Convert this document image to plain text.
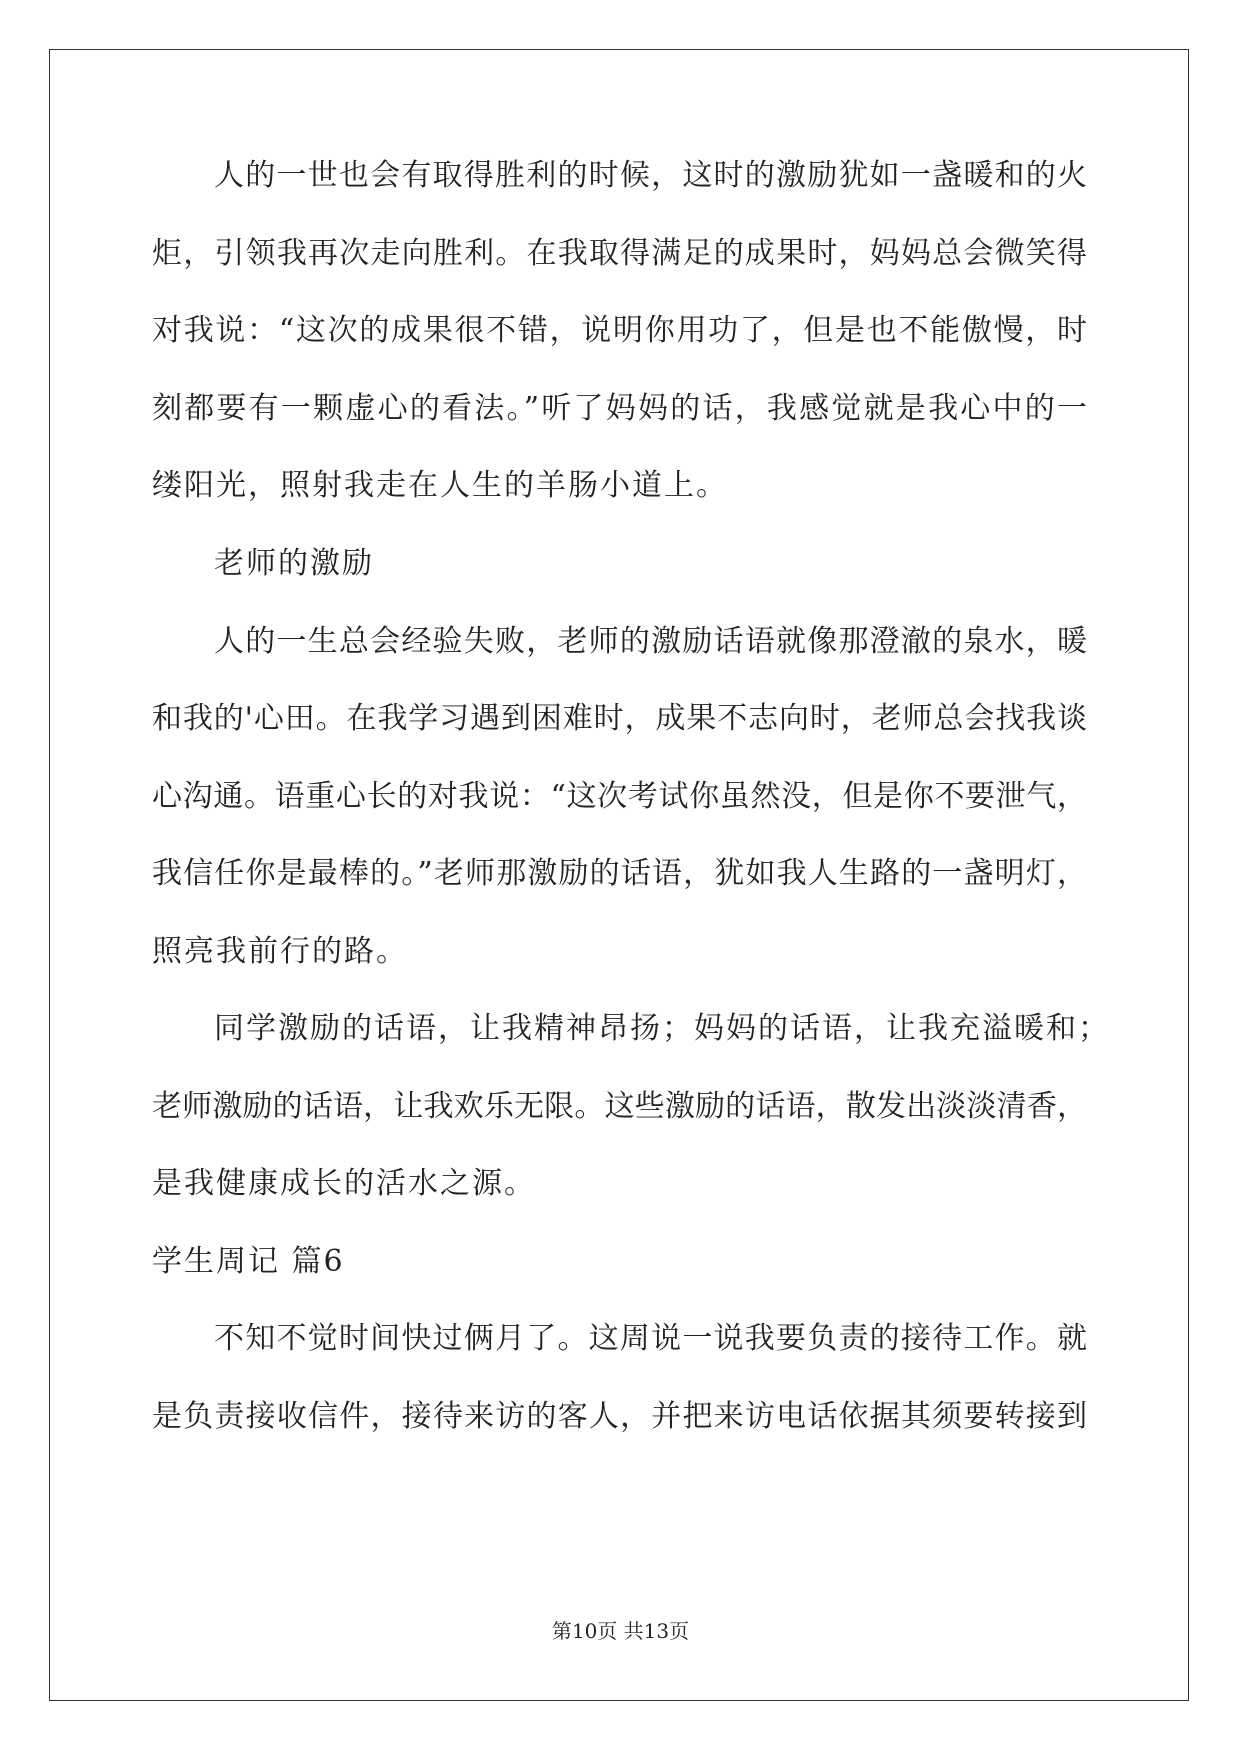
人的一世也会有取得胜利的时候，这时的激励犹如一盏暖和的火
炬，引领我再次走向胜利。在我取得满足的成果时，妈妈总会微笑得
对我说：“这次的成果很不错，说明你用功了，但是也不能傲慢，时
刻都要有一颗虚心的看法。”听了妈妈的话，我感觉就是我心中的一
缕阳光，照射我走在人生的羊肠小道上。
老师的激励
人的一生总会经验失败，老师的激励话语就像那澄澈的泉水，暖
和我的'心田。在我学习遇到困难时，成果不志向时，老师总会找我谈
心沟通。语重心长的对我说：“这次考试你虽然没，但是你不要泄气，
我信任你是最棒的。”老师那激励的话语，犹如我人生路的一盏明灯，
照亮我前行的路。
同学激励的话语，让我精神昂扬；妈妈的话语，让我充溢暖和；
老师激励的话语，让我欢乐无限。这些激励的话语，散发出淡淡清香，
是我健康成长的活水之源。
学生周记 篇6
不知不觉时间快过俩月了。这周说一说我要负责的接待工作。就
是负责接收信件，接待来访的客人，并把来访电话依据其须要转接到
第10页 共13页
